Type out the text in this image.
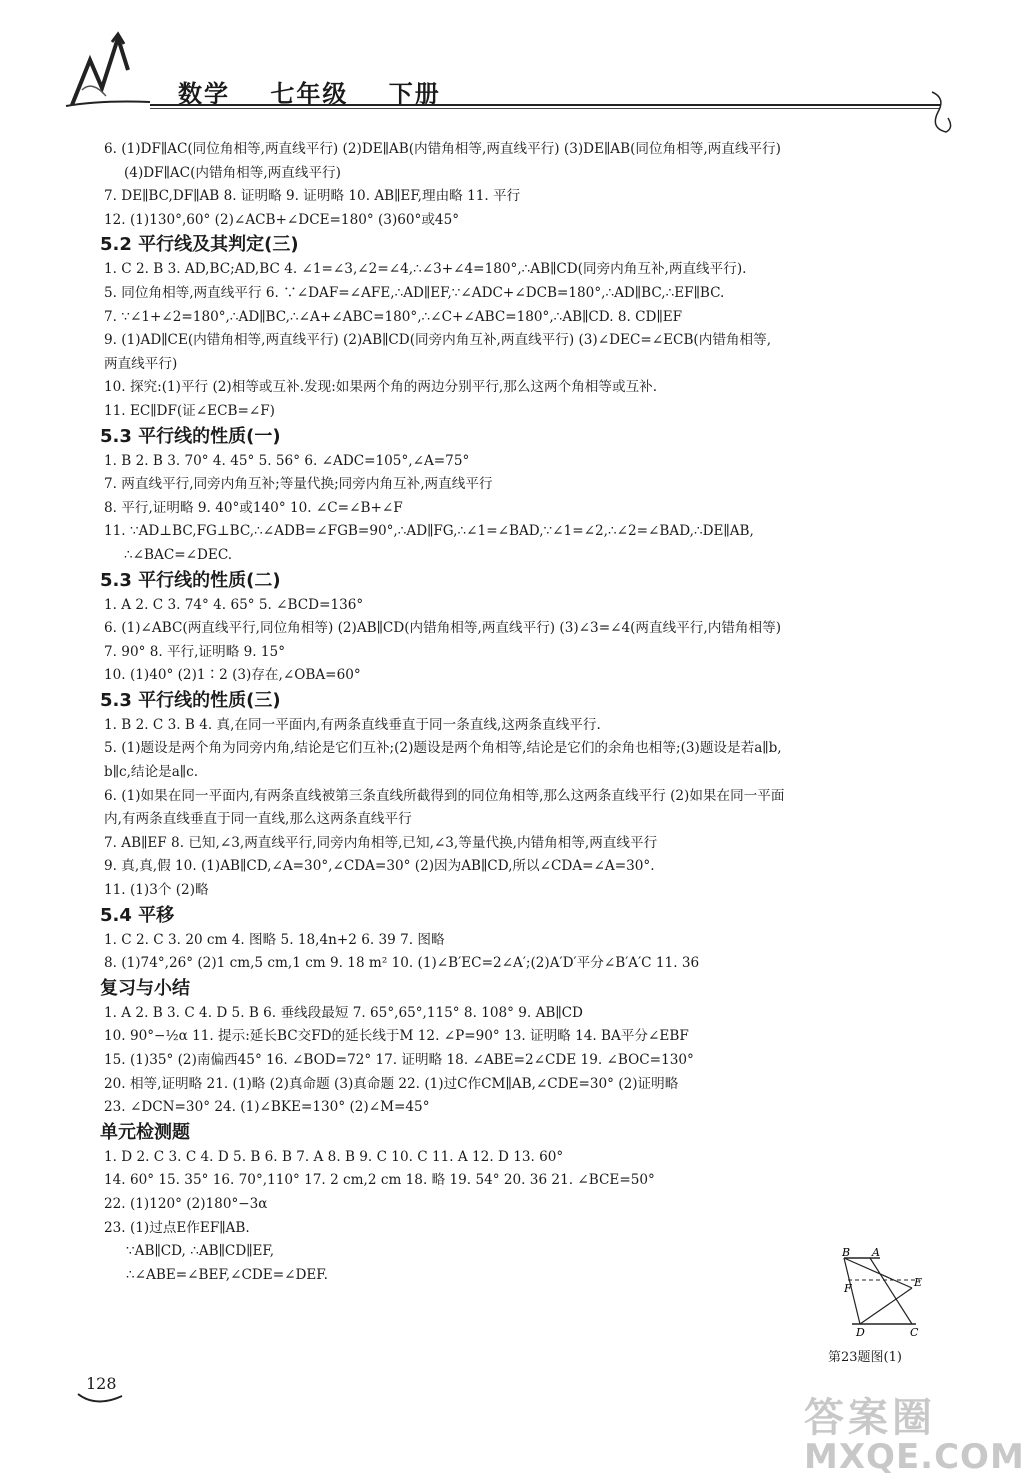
数学 七年级 下册
6. (1)DF∥AC(同位角相等,两直线平行) (2)DE∥AB(内错角相等,两直线平行) (3)DE∥AB(同位角相等,两直线平行)
(4)DF∥AC(内错角相等,两直线平行)
7. DE∥BC,DF∥AB 8. 证明略 9. 证明略 10. AB∥EF,理由略 11. 平行
12. (1)130°,60° (2)∠ACB+∠DCE=180° (3)60°或45°
5.2 平行线及其判定(三)
1. C 2. B 3. AD,BC;AD,BC 4. ∠1=∠3,∠2=∠4,∴∠3+∠4=180°,∴AB∥CD(同旁内角互补,两直线平行).
5. 同位角相等,两直线平行 6. ∵∠DAF=∠AFE,∴AD∥EF,∵∠ADC+∠DCB=180°,∴AD∥BC,∴EF∥BC.
7. ∵∠1+∠2=180°,∴AD∥BC,∴∠A+∠ABC=180°,∴∠C+∠ABC=180°,∴AB∥CD. 8. CD∥EF
9. (1)AD∥CE(内错角相等,两直线平行) (2)AB∥CD(同旁内角互补,两直线平行) (3)∠DEC=∠ECB(内错角相等,
两直线平行)
10. 探究:(1)平行 (2)相等或互补.发现:如果两个角的两边分别平行,那么这两个角相等或互补.
11. EC∥DF(证∠ECB=∠F)
5.3 平行线的性质(一)
1. B 2. B 3. 70° 4. 45° 5. 56° 6. ∠ADC=105°,∠A=75°
7. 两直线平行,同旁内角互补;等量代换;同旁内角互补,两直线平行
8. 平行,证明略 9. 40°或140° 10. ∠C=∠B+∠F
11. ∵AD⊥BC,FG⊥BC,∴∠ADB=∠FGB=90°,∴AD∥FG,∴∠1=∠BAD,∵∠1=∠2,∴∠2=∠BAD,∴DE∥AB,
∴∠BAC=∠DEC.
5.3 平行线的性质(二)
1. A 2. C 3. 74° 4. 65° 5. ∠BCD=136°
6. (1)∠ABC(两直线平行,同位角相等) (2)AB∥CD(内错角相等,两直线平行) (3)∠3=∠4(两直线平行,内错角相等)
7. 90° 8. 平行,证明略 9. 15°
10. (1)40° (2)1∶2 (3)存在,∠OBA=60°
5.3 平行线的性质(三)
1. B 2. C 3. B 4. 真,在同一平面内,有两条直线垂直于同一条直线,这两条直线平行.
5. (1)题设是两个角为同旁内角,结论是它们互补;(2)题设是两个角相等,结论是它们的余角也相等;(3)题设是若a∥b,
b∥c,结论是a∥c.
6. (1)如果在同一平面内,有两条直线被第三条直线所截得到的同位角相等,那么这两条直线平行 (2)如果在同一平面
内,有两条直线垂直于同一直线,那么这两条直线平行
7. AB∥EF 8. 已知,∠3,两直线平行,同旁内角相等,已知,∠3,等量代换,内错角相等,两直线平行
9. 真,真,假 10. (1)AB∥CD,∠A=30°,∠CDA=30° (2)因为AB∥CD,所以∠CDA=∠A=30°.
11. (1)3个 (2)略
5.4 平移
1. C 2. C 3. 20 cm 4. 图略 5. 18,4n+2 6. 39 7. 图略
8. (1)74°,26° (2)1 cm,5 cm,1 cm 9. 18 m² 10. (1)∠B′EC=2∠A′;(2)A′D′平分∠B′A′C 11. 36
复习与小结
1. A 2. B 3. C 4. D 5. B 6. 垂线段最短 7. 65°,65°,115° 8. 108° 9. AB∥CD
10. 90°−½α 11. 提示:延长BC交FD的延长线于M 12. ∠P=90° 13. 证明略 14. BA平分∠EBF
15. (1)35° (2)南偏西45° 16. ∠BOD=72° 17. 证明略 18. ∠ABE=2∠CDE 19. ∠BOC=130°
20. 相等,证明略 21. (1)略 (2)真命题 (3)真命题 22. (1)过C作CM∥AB,∠CDE=30° (2)证明略
23. ∠DCN=30° 24. (1)∠BKE=130° (2)∠M=45°
单元检测题
1. D 2. C 3. C 4. D 5. B 6. B 7. A 8. B 9. C 10. C 11. A 12. D 13. 60°
14. 60° 15. 35° 16. 70°,110° 17. 2 cm,2 cm 18. 略 19. 54° 20. 36 21. ∠BCE=50°
22. (1)120° (2)180°−3α
23. (1)过点E作EF∥AB.
∵AB∥CD, ∴AB∥CD∥EF,
∴∠ABE=∠BEF,∠CDE=∠DEF.
B A
E
F
D	C
第23题图(1)
128
答案圈
MXQE.COM
